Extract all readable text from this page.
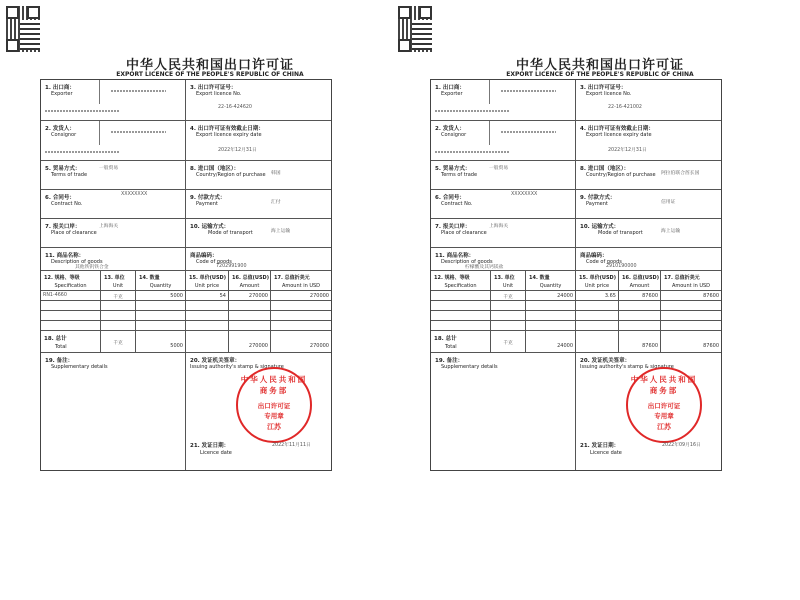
中华人民共和国出口许可证
EXPORT LICENCE OF THE PEOPLE'S REPUBLIC OF CHINA
1. 出口商：
Exporter
3. 出口许可证号：
Export licence No.
22-16-424620
2. 发货人：
Consignor
4. 出口许可证有效截止日期：
Export licence expiry date
2022年12月31日
5. 贸易方式：
Terms of trade
一般贸易	8. 进口国（地区）：
Country/Region of purchase 韩国
6. 合同号：
Contract No.
XXXXXXXX
9. 付款方式：
Payment	汇付
7. 报关口岸：
Place of clearance
上海海关	10. 运输方式：
Mode of transport	海上运输
11. 商品名称：
Description of goods
其他铁钒铁合金
商品编码：
Code of goods
7202991900
12. 规格、等级
Specification
13. 单位
Unit
14. 数量
Quantity
15. 单价(USD)
Unit price
16. 总值(USD)
Amount
17. 总值折美元
Amount in USD
RN1-4660	千克	5000	54	270000	270000
18. 总计
Total
千克	5000	270000	270000
19. 备注：
Supplementary details
20. 发证机关签章：
Issuing authority's stamp & signature
中华人民共和国商务部
出口许可证
专用章
江苏
21. 发证日期：
Licence date
2022年11月11日
中华人民共和国出口许可证
EXPORT LICENCE OF THE PEOPLE'S REPUBLIC OF CHINA
1. 出口商：
Exporter
3. 出口许可证号：
Export licence No.
22-16-421002
2. 发货人：
Consignor
4. 出口许可证有效截止日期：
Export licence expiry date
2022年12月31日
5. 贸易方式：
Terms of trade
一般贸易	8. 进口国（地区）：
Country/Region of purchase 阿拉伯联合酋长国
6. 合同号：
Contract No.
XXXXXXXX
9. 付款方式：
Payment	信用证
7. 报关口岸：
Place of clearance
上海海关	10. 运输方式：
Mode of transport	海上运输
11. 商品名称：
Description of goods
柠檬酸及其钙镁盐
商品编码：
Code of goods
2910190000
12. 规格、等级
Specification
13. 单位
Unit
14. 数量
Quantity
15. 单价(USD)
Unit price
16. 总值(USD)
Amount
17. 总值折美元
Amount in USD
千克	24000	3.65	87600	87600
18. 总计
Total
千克	24000	87600	87600
19. 备注：
Supplementary details
20. 发证机关签章：
Issuing authority's stamp & signature
中华人民共和国商务部
出口许可证
专用章
江苏
21. 发证日期：
Licence date
2022年09月16日
